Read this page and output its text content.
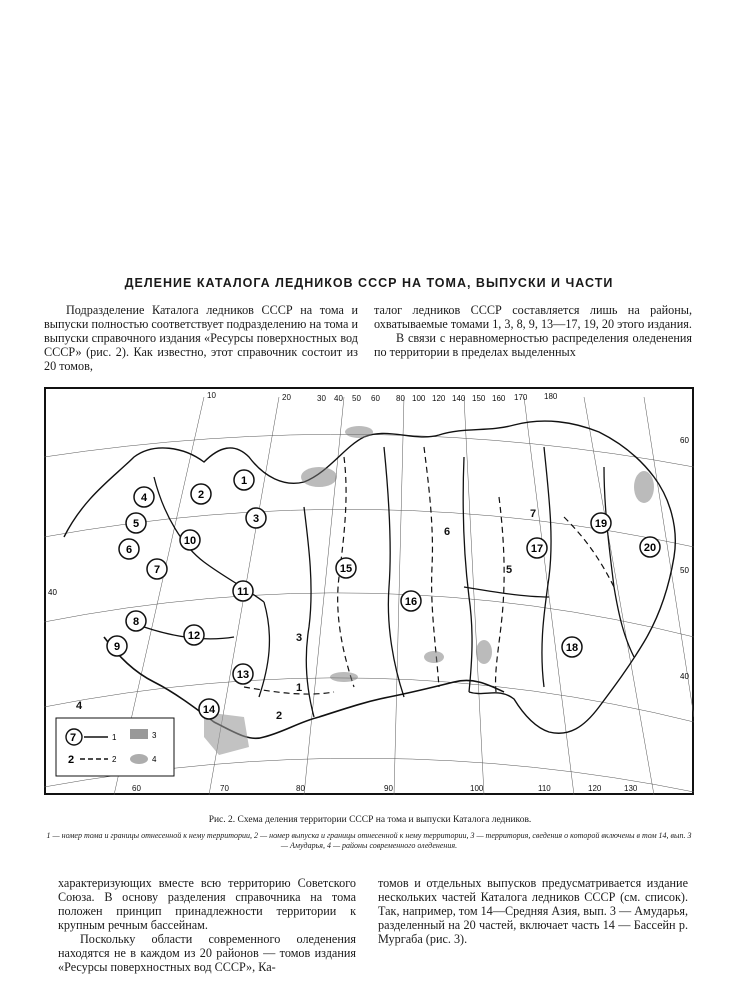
ДЕЛЕНИЕ КАТАЛОГА ЛЕДНИКОВ СССР НА ТОМА, ВЫПУСКИ И ЧАСТИ

Подразделение Каталога ледников СССР на тома и выпуски полностью соответствует подразделению на тома и выпуски справочного издания «Ресурсы поверхностных вод СССР» (рис. 2). Как известно, этот справочник состоит из 20 томов,

талог ледников СССР составляется лишь на районы, охватываемые томами 1, 3, 8, 9, 13—17, 19, 20 этого издания.

В связи с неравномерностью распределения оледенения по территории в пределах выделенных

10	20	30 40 50 60 80 100 120 140 150 160 170 180
60	70	80	90	100	110	120	130
40
60
50
40
1
2
3
4
5
6
7
8
9
10
11
12
13
14
15
16
17
18
19
20
1
2
3
4
5
6
7
7	1
2	2
3
4
Рис. 2. Схема деления территории СССР на тома и выпуски Каталога ледников.
1 — номер тома и границы отнесенной к нему территории, 2 — номер выпуска и границы отнесенной к нему территории, 3 — территория, сведения о которой включены в том 14, вып. 3 — Амударья, 4 — районы современного оледенения.

характеризующих вместе всю территорию Советского Союза. В основу разделения справочника на тома положен принцип принадлежности территории к крупным речным бассейнам.

Поскольку области современного оледенения находятся не в каждом из 20 районов — томов издания «Ресурсы поверхностных вод СССР», Ка-

томов и отдельных выпусков предусматривается издание нескольких частей Каталога ледников СССР (см. список). Так, например, том 14—Средняя Азия, вып. 3 — Амударья, разделенный на 20 частей, включает часть 14 — Бассейн р. Мургаба (рис. 3).
